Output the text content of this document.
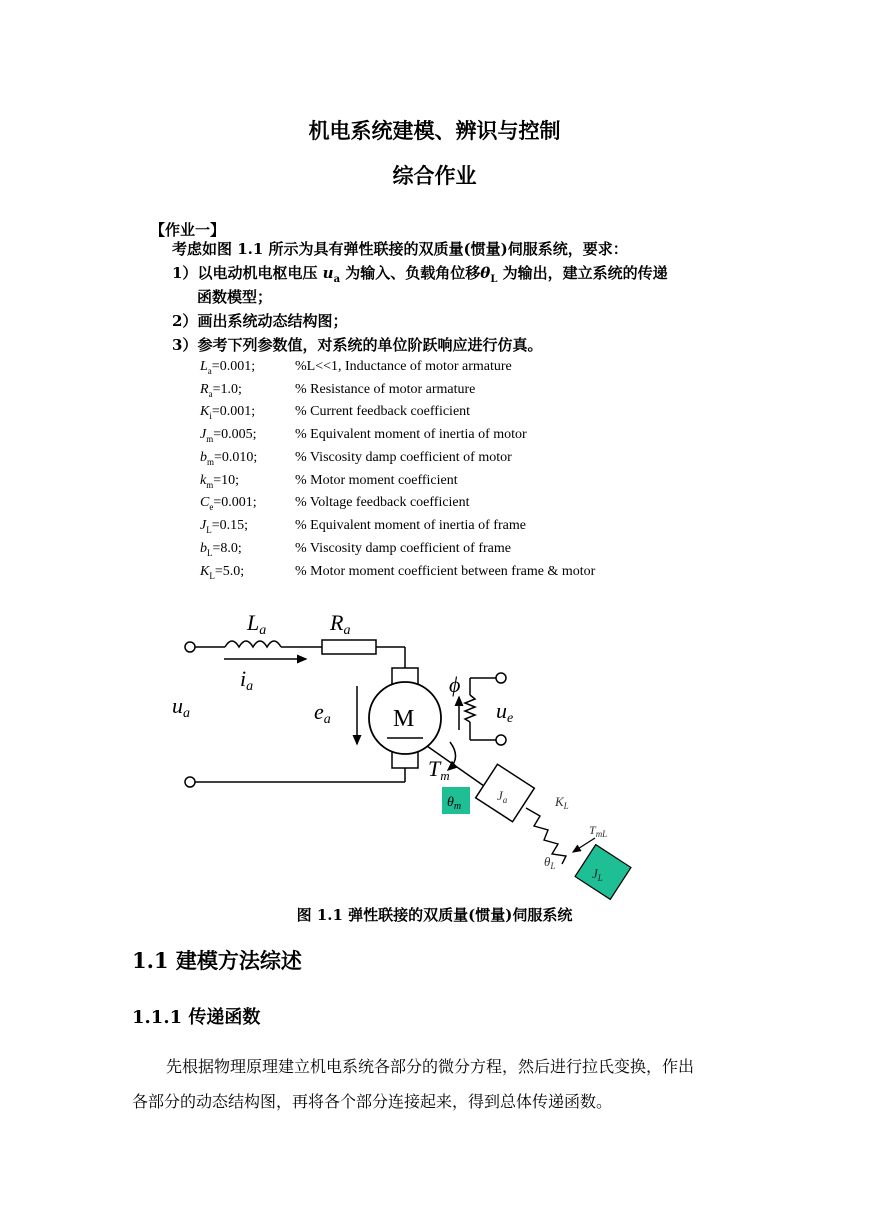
机电系统建模、辨识与控制
综合作业
【作业一】
考虑如图 1.1 所示为具有弹性联接的双质量(惯量)伺服系统，要求：
1）以电动机电枢电压 $u_a$ 为输入、负载角位移$\theta_L$ 为输出，建立系统的传递
函数模型；
2）画出系统动态结构图；
3）参考下列参数值，对系统的单位阶跃响应进行仿真。
$L_a=0.001$;	%L<<1, Inductance of motor armature
$R_a=1.0$;	% Resistance of motor armature
$K_i=0.001$;	% Current feedback coefficient
$J_m=0.005$;	% Equivalent moment of inertia of motor
$b_m=0.010$;	% Viscosity damp coefficient of motor
$k_m=10$;	% Motor moment coefficient
$C_e=0.001$;	% Voltage feedback coefficient
$J_L=0.15$;	% Equivalent moment of inertia of frame
$b_L=8.0$;	% Viscosity damp coefficient of frame
$K_L=5.0$;	% Motor moment coefficient between frame & motor
La	Ra
ia
ua	ea	M
ϕ
ue
Tm
$\theta_m$
$J_a$	$K_L$
$T_{mL}$
$\theta_L$	$J_L$
图 1.1 弹性联接的双质量(惯量)伺服系统
1.1 建模方法综述
1.1.1 传递函数
先根据物理原理建立机电系统各部分的微分方程，然后进行拉氏变换，作出
各部分的动态结构图，再将各个部分连接起来，得到总体传递函数。
